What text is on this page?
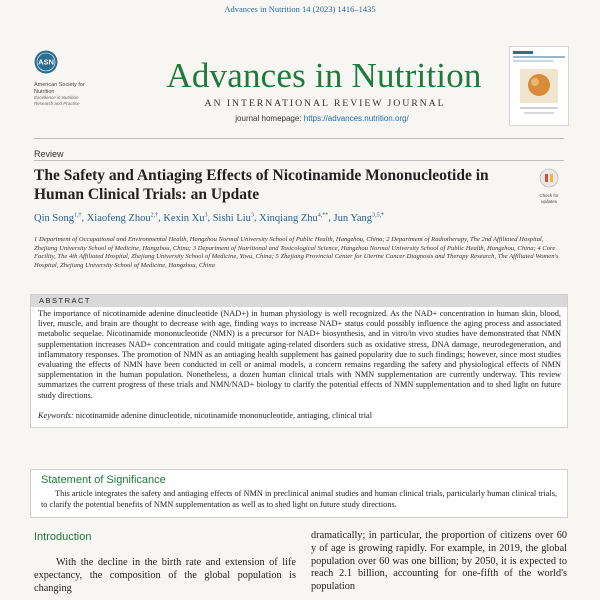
Advances in Nutrition 14 (2023) 1416–1435
ASN
American Society for Nutrition
Excellence in Nutrition Research and Practice
Advances in Nutrition
AN INTERNATIONAL REVIEW JOURNAL
journal homepage: https://advances.nutrition.org/
Review
The Safety and Antiaging Effects of Nicotinamide Mononucleotide in Human Clinical Trials: an Update	Check for updates
Qin Song$^{1,\dagger}$, Xiaofeng Zhou$^{2,\dagger}$, Kexin Xu$^3$, Sishi Liu$^3$, Xinqiang Zhu$^{4,**}$, Jun Yang$^{3,5,*}$
1 Department of Occupational and Environmental Health, Hangzhou Normal University School of Public Health, Hangzhou, China; 2 Department of Radiotherapy, The 2nd Affiliated Hospital, Zhejiang University School of Medicine, Hangzhou, China; 3 Department of Nutritional and Toxicological Science, Hangzhou Normal University School of Public Health, Hangzhou, China; 4 Core Facility, The 4th Affiliated Hospital, Zhejiang University School of Medicine, Yiwu, China; 5 Zhejiang Provincial Center for Uterine Cancer Diagnosis and Therapy Research, The Affiliated Women's Hospital, Zhejiang University School of Medicine, Hangzhou, China
ABSTRACT
The importance of nicotinamide adenine dinucleotide (NAD+) in human physiology is well recognized. As the NAD+ concentration in human skin, blood, liver, muscle, and brain are thought to decrease with age, finding ways to increase NAD+ status could possibly influence the aging process and associated metabolic sequelae. Nicotinamide mononucleotide (NMN) is a precursor for NAD+ biosynthesis, and in vitro/in vivo studies have demonstrated that NMN supplementation increases NAD+ concentration and could mitigate aging-related disorders such as oxidative stress, DNA damage, neurodegeneration, and inflammatory responses. The promotion of NMN as an antiaging health supplement has gained popularity due to such findings; however, since most studies evaluating the effects of NMN have been conducted in cell or animal models, a concern remains regarding the safety and physiological effects of NMN supplementation in the human population. Nonetheless, a dozen human clinical trials with NMN supplementation are currently underway. This review summarizes the current progress of these trials and NMN/NAD+ biology to clarify the potential effects of NMN supplementation and to shed light on future study directions.
Keywords: nicotinamide adenine dinucleotide, nicotinamide mononucleotide, antiaging, clinical trial
Statement of Significance
This article integrates the safety and antiaging effects of NMN in preclinical animal studies and human clinical trials, particularly human clinical trials, to clarify the potential benefits of NMN supplementation as well as to shed light on future study directions.
Introduction
With the decline in the birth rate and extension of life expectancy, the composition of the global population is changing
dramatically; in particular, the proportion of citizens over 60 y of age is growing rapidly. For example, in 2019, the global population over 60 was one billion; by 2050, it is expected to reach 2.1 billion, accounting for one-fifth of the world's population
